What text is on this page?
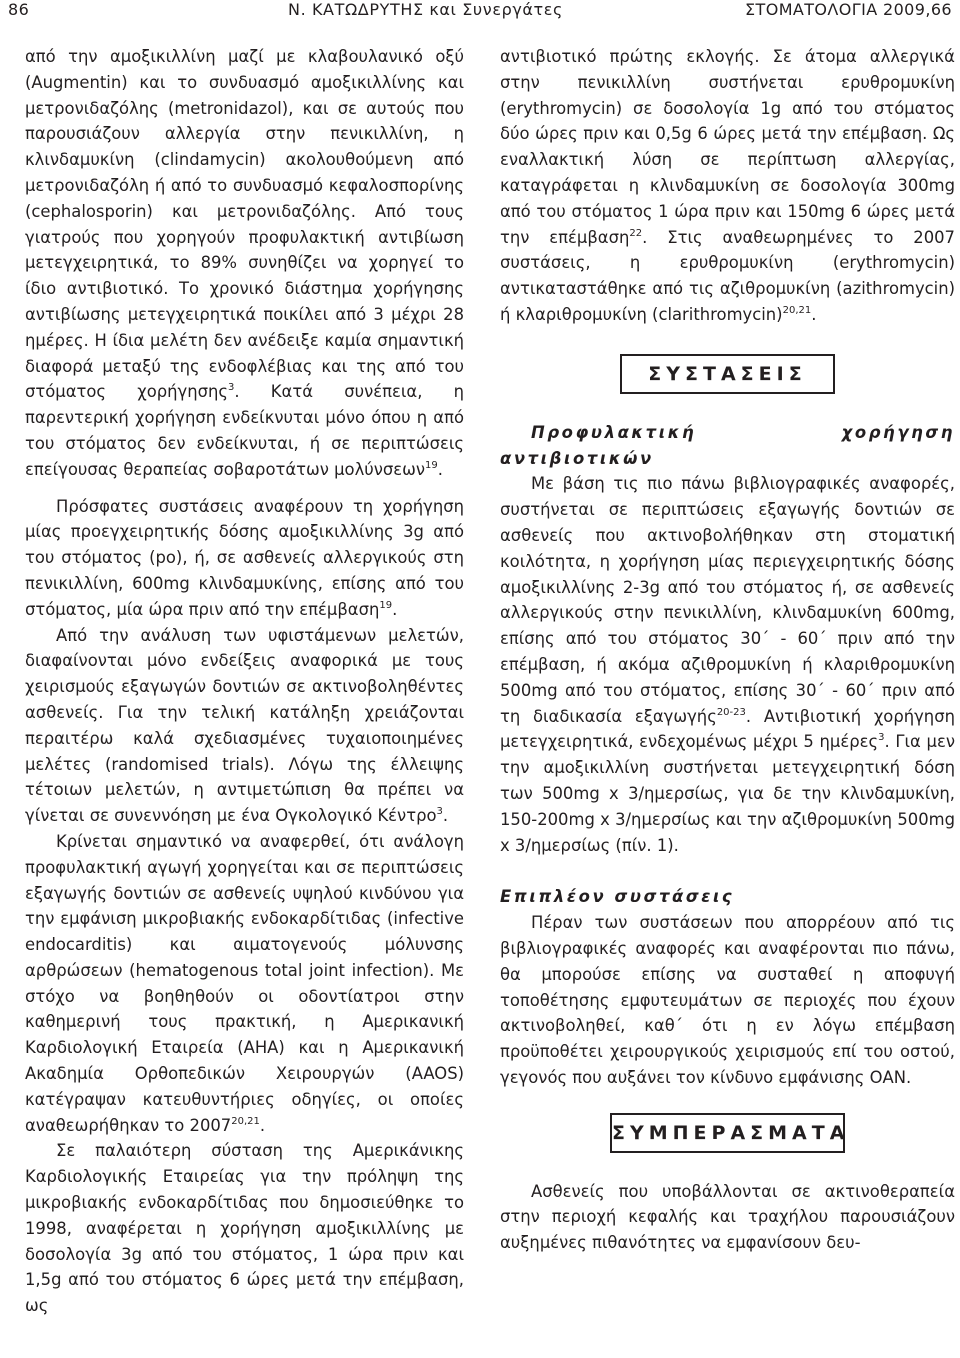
86	Ν. ΚΑΤΩΔΡΥΤΗΣ και Συνεργάτες	ΣΤΟΜΑΤΟΛΟΓΙΑ 2009,66

από την αμοξικιλλίνη μαζί με κλαβουλανικό οξύ (Augmentin) και το συνδυασμό αμοξικιλλίνης και μετρονιδαζόλης (metronidazol), και σε αυτούς που παρουσιάζουν αλλεργία στην πενικιλλίνη, η κλινδαμυκίνη (clindamycin) ακολουθούμενη από μετρονιδαζόλη ή από το συνδυασμό κεφαλοσπορίνης (cephalosporin) και μετρονιδαζόλης. Από τους γιατρούς που χορηγούν προφυλακτική αντιβίωση μετεγχειρητικά, το 89% συνηθίζει να χορηγεί το ίδιο αντιβιοτικό. Το χρονικό διάστημα χορήγησης αντιβίωσης μετεγχειρητικά ποικίλει από 3 μέχρι 28 ημέρες. Η ίδια μελέτη δεν ανέδειξε καμία σημαντική διαφορά μεταξύ της ενδοφλέβιας και της από του στόματος χορήγησης$^3$. Κατά συνέπεια, η παρεντερική χορήγηση ενδείκνυται μόνο όπου η από του στόματος δεν ενδείκνυται, ή σε περιπτώσεις επείγουσας θεραπείας σοβαροτάτων μολύνσεων$^{19}$.

Πρόσφατες συστάσεις αναφέρουν τη χορήγηση μίας προεγχειρητικής δόσης αμοξικιλλίνης 3g από του στόματος (po), ή, σε ασθενείς αλλεργικούς στη πενικιλλίνη, 600mg κλινδαμυκίνης, επίσης από του στόματος, μία ώρα πριν από την επέμβαση$^{19}$.

Από την ανάλυση των υφιστάμενων μελετών, διαφαίνονται μόνο ενδείξεις αναφορικά με τους χειρισμούς εξαγωγών δοντιών σε ακτινοβοληθέντες ασθενείς. Για την τελική κατάληξη χρειάζονται περαιτέρω καλά σχεδιασμένες τυχαιοποιημένες μελέτες (randomised trials). Λόγω της έλλειψης τέτοιων μελετών, η αντιμετώπιση θα πρέπει να γίνεται σε συνεννόηση με ένα Ογκολογικό Κέντρο$^3$.

Κρίνεται σημαντικό να αναφερθεί, ότι ανάλογη προφυλακτική αγωγή χορηγείται και σε περιπτώσεις εξαγωγής δοντιών σε ασθενείς υψηλού κινδύνου για την εμφάνιση μικροβιακής ενδοκαρδίτιδας (infective endocarditis) και αιματογενούς μόλυνσης αρθρώσεων (hematogenous total joint infection). Με στόχο να βοηθηθούν οι οδοντίατροι στην καθημερινή τους πρακτική, η Αμερικανική Καρδιολογική Εταιρεία (AHA) και η Αμερικανική Ακαδημία Ορθοπεδικών Χειρουργών (AAOS) κατέγραψαν κατευθυντήριες οδηγίες, οι οποίες αναθεωρήθηκαν το 2007$^{20,21}$.

Σε παλαιότερη σύσταση της Αμερικάνικης Καρδιολογικής Εταιρείας για την πρόληψη της μικροβιακής ενδοκαρδίτιδας που δημοσιεύθηκε το 1998, αναφέρεται η χορήγηση αμοξικιλλίνης με δοσολογία 3g από του στόματος, 1 ώρα πριν και 1,5g από του στόματος 6 ώρες μετά την επέμβαση, ως

αντιβιοτικό πρώτης εκλογής. Σε άτομα αλλεργικά στην πενικιλλίνη συστήνεται ερυθρομυκίνη (erythromycin) σε δοσολογία 1g από του στόματος δύο ώρες πριν και 0,5g 6 ώρες μετά την επέμβαση. Ως εναλλακτική λύση σε περίπτωση αλλεργίας, καταγράφεται η κλινδαμυκίνη σε δοσολογία 300mg από του στόματος 1 ώρα πριν και 150mg 6 ώρες μετά την επέμβαση$^{22}$. Στις αναθεωρημένες το 2007 συστάσεις, η ερυθρομυκίνη (erythromycin) αντικαταστάθηκε από τις αζιθρομυκίνη (azithromycin) ή κλαριθρομυκίνη (clarithromycin)$^{20,21}$.

ΣΥΣΤΑΣΕΙΣ

Προφυλακτική χορήγηση αντιβιοτικών

Με βάση τις πιο πάνω βιβλιογραφικές αναφορές, συστήνεται σε περιπτώσεις εξαγωγής δοντιών σε ασθενείς που ακτινοβολήθηκαν στη στοματική κοιλότητα, η χορήγηση μίας περιεγχειρητικής δόσης αμοξικιλλίνης 2-3g από του στόματος ή, σε ασθενείς αλλεργικούς στην πενικιλλίνη, κλινδαμυκίνη 600mg, επίσης από του στόματος 30΄ - 60΄ πριν από την επέμβαση, ή ακόμα αζιθρομυκίνη ή κλαριθρομυκίνη 500mg από του στόματος, επίσης 30΄ - 60΄ πριν από τη διαδικασία εξαγωγής$^{20-23}$. Αντιβιοτική χορήγηση μετεγχειρητικά, ενδεχομένως μέχρι 5 ημέρες$^3$. Για μεν την αμοξικιλλίνη συστήνεται μετεγχειρητική δόση των 500mg x 3/ημερσίως, για δε την κλινδαμυκίνη, 150-200mg x 3/ημερσίως και την αζιθρομυκίνη 500mg x 3/ημερσίως (πίν. 1).

Επιπλέον συστάσεις

Πέραν των συστάσεων που απορρέουν από τις βιβλιογραφικές αναφορές και αναφέρονται πιο πάνω, θα μπορούσε επίσης να συσταθεί η αποφυγή τοποθέτησης εμφυτευμάτων σε περιοχές που έχουν ακτινοβοληθεί, καθ΄ ότι η εν λόγω επέμβαση προϋποθέτει χειρουργικούς χειρισμούς επί του οστού, γεγονός που αυξάνει τον κίνδυνο εμφάνισης ΟΑΝ.

ΣΥΜΠΕΡΑΣΜΑΤΑ

Ασθενείς που υποβάλλονται σε ακτινοθεραπεία στην περιοχή κεφαλής και τραχήλου παρουσιάζουν αυξημένες πιθανότητες να εμφανίσουν δευ-
